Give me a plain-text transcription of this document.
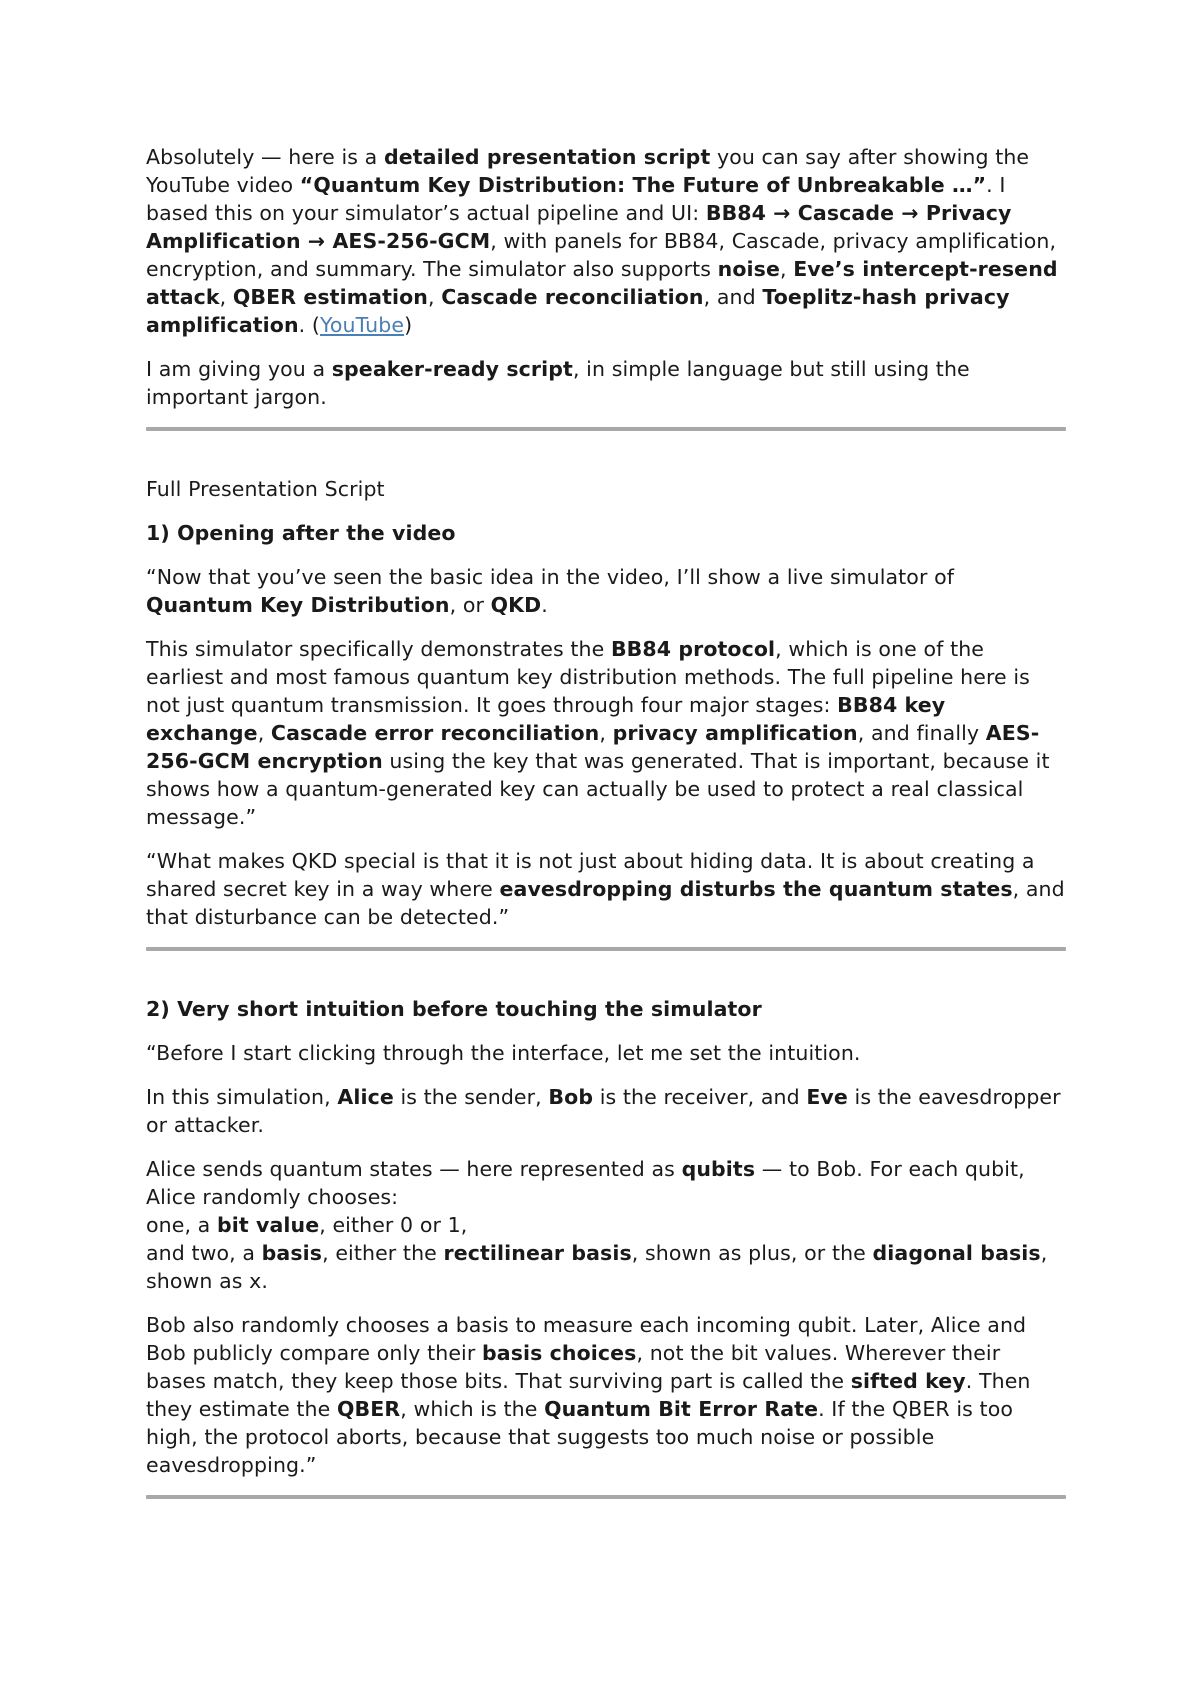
Absolutely — here is a detailed presentation script you can say after showing the YouTube video “Quantum Key Distribution: The Future of Unbreakable …”. I based this on your simulator’s actual pipeline and UI: BB84 → Cascade → Privacy Amplification → AES-256-GCM, with panels for BB84, Cascade, privacy amplification, encryption, and summary. The simulator also supports noise, Eve’s intercept-resend attack, QBER estimation, Cascade reconciliation, and Toeplitz-hash privacy amplification. (YouTube)

I am giving you a speaker-ready script, in simple language but still using the important jargon.

Full Presentation Script

1) Opening after the video

“Now that you’ve seen the basic idea in the video, I’ll show a live simulator of Quantum Key Distribution, or QKD.

This simulator specifically demonstrates the BB84 protocol, which is one of the earliest and most famous quantum key distribution methods. The full pipeline here is not just quantum transmission. It goes through four major stages: BB84 key exchange, Cascade error reconciliation, privacy amplification, and finally AES-256-GCM encryption using the key that was generated. That is important, because it shows how a quantum-generated key can actually be used to protect a real classical message.”

“What makes QKD special is that it is not just about hiding data. It is about creating a shared secret key in a way where eavesdropping disturbs the quantum states, and that disturbance can be detected.”

2) Very short intuition before touching the simulator

“Before I start clicking through the interface, let me set the intuition.

In this simulation, Alice is the sender, Bob is the receiver, and Eve is the eavesdropper or attacker.

Alice sends quantum states — here represented as qubits — to Bob. For each qubit, Alice randomly chooses:
one, a bit value, either 0 or 1,
and two, a basis, either the rectilinear basis, shown as plus, or the diagonal basis, shown as x.

Bob also randomly chooses a basis to measure each incoming qubit. Later, Alice and Bob publicly compare only their basis choices, not the bit values. Wherever their bases match, they keep those bits. That surviving part is called the sifted key. Then they estimate the QBER, which is the Quantum Bit Error Rate. If the QBER is too high, the protocol aborts, because that suggests too much noise or possible eavesdropping.”
